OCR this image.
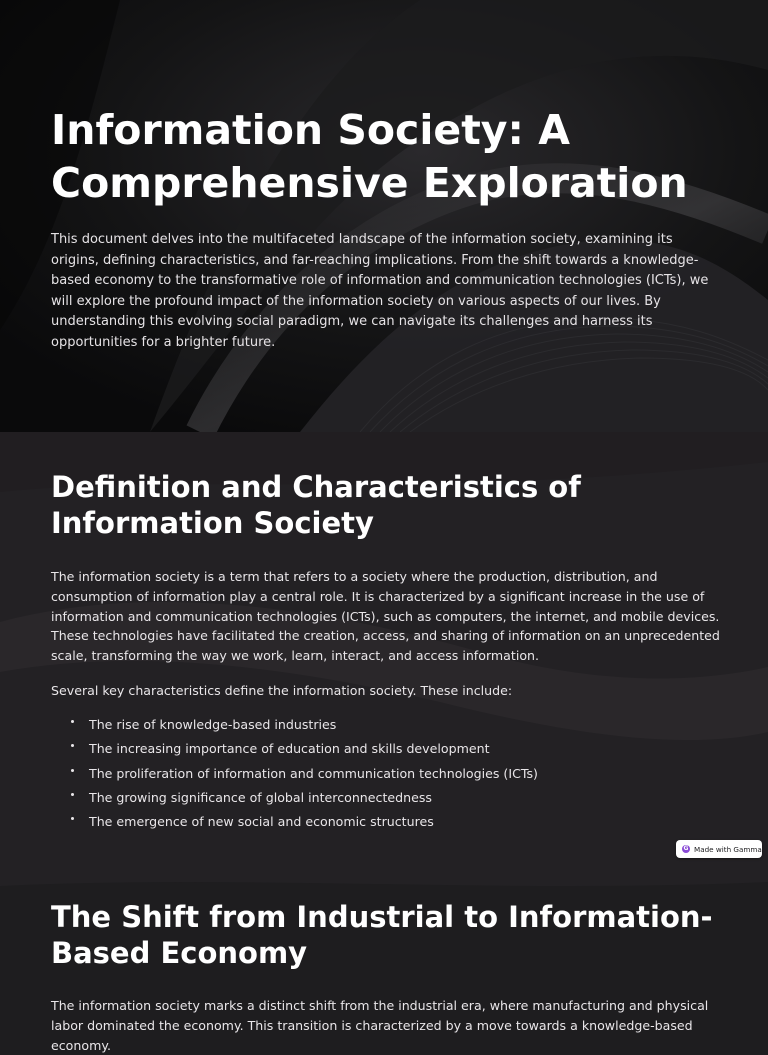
Information Society: A Comprehensive Exploration

This document delves into the multifaceted landscape of the information society, examining its origins, defining characteristics, and far-reaching implications. From the shift towards a knowledge-based economy to the transformative role of information and communication technologies (ICTs), we will explore the profound impact of the information society on various aspects of our lives. By understanding this evolving social paradigm, we can navigate its challenges and harness its opportunities for a brighter future.

Definition and Characteristics of Information Society

The information society is a term that refers to a society where the production, distribution, and consumption of information play a central role. It is characterized by a significant increase in the use of information and communication technologies (ICTs), such as computers, the internet, and mobile devices. These technologies have facilitated the creation, access, and sharing of information on an unprecedented scale, transforming the way we work, learn, interact, and access information.

Several key characteristics define the information society. These include:

The rise of knowledge-based industries
The increasing importance of education and skills development
The proliferation of information and communication technologies (ICTs)
The growing significance of global interconnectedness
The emergence of new social and economic structures
G Made with Gamma
The Shift from Industrial to Information-Based Economy

The information society marks a distinct shift from the industrial era, where manufacturing and physical labor dominated the economy. This transition is characterized by a move towards a knowledge-based economy.
